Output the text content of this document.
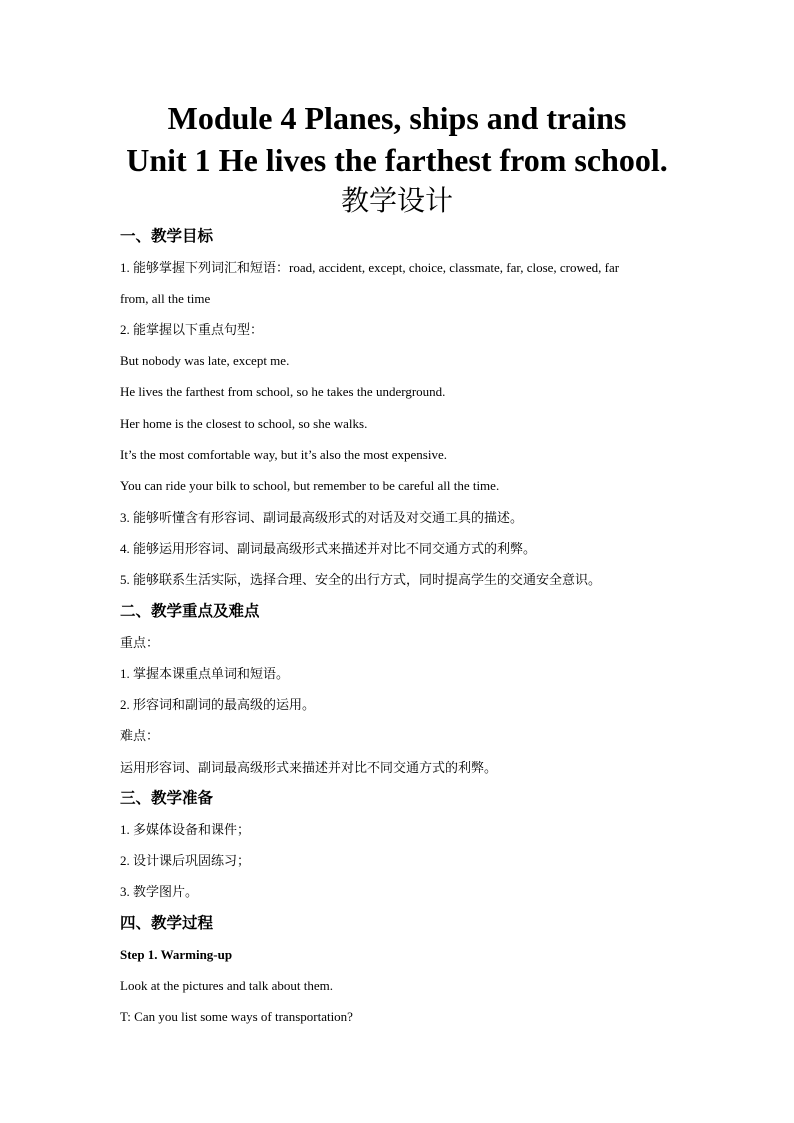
Module 4 Planes, ships and trains
Unit 1 He lives the farthest from school.
教学设计
一、教学目标
1. 能够掌握下列词汇和短语：road, accident, except, choice, classmate, far, close, crowed, far
from, all the time
2. 能掌握以下重点句型：
But nobody was late, except me.
He lives the farthest from school, so he takes the underground.
Her home is the closest to school, so she walks.
It’s the most comfortable way, but it’s also the most expensive.
You can ride your bilk to school, but remember to be careful all the time.
3. 能够听懂含有形容词、副词最高级形式的对话及对交通工具的描述。
4. 能够运用形容词、副词最高级形式来描述并对比不同交通方式的利弊。
5. 能够联系生活实际，选择合理、安全的出行方式，同时提高学生的交通安全意识。
二、教学重点及难点
重点：
1. 掌握本课重点单词和短语。
2. 形容词和副词的最高级的运用。
难点：
运用形容词、副词最高级形式来描述并对比不同交通方式的利弊。
三、教学准备
1. 多媒体设备和课件；
2. 设计课后巩固练习；
3. 教学图片。
四、教学过程
Step 1. Warming-up
Look at the pictures and talk about them.
T: Can you list some ways of transportation?
